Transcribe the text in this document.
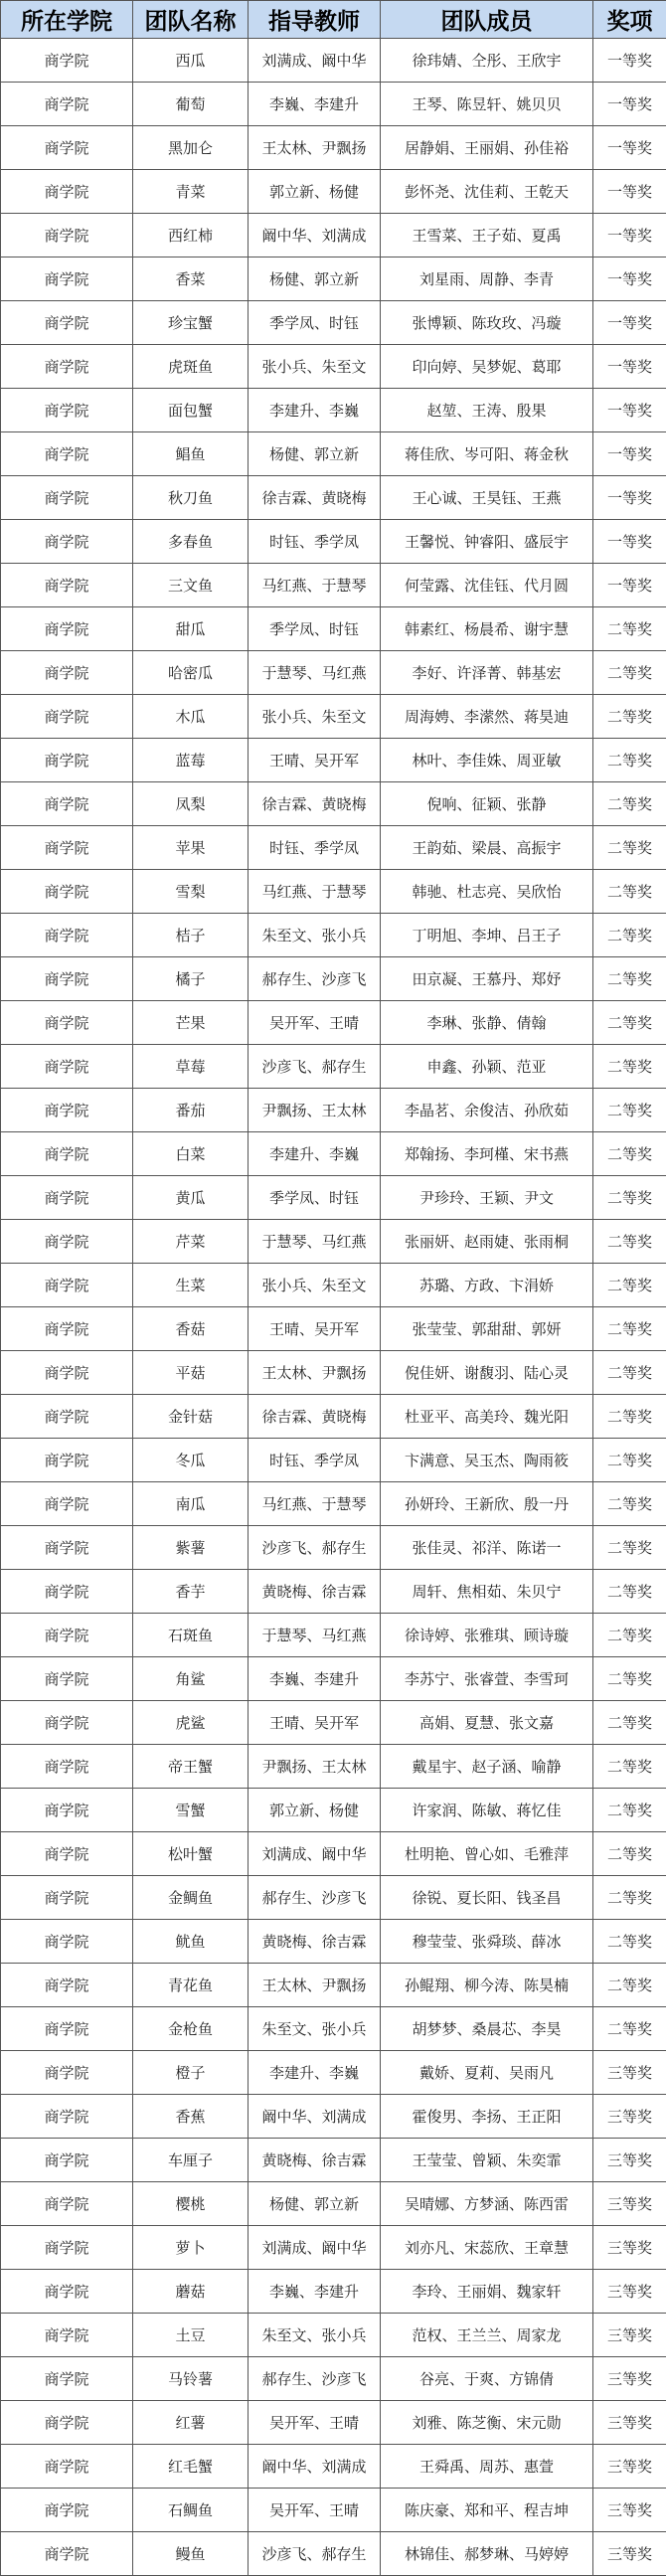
所在学院	团队名称	指导教师	团队成员	奖项
商学院	西瓜	刘满成、阚中华	徐玮婧、仝彤、王欣宇	一等奖
商学院	葡萄	李巍、李建升	王琴、陈昱轩、姚贝贝	一等奖
商学院	黑加仑	王太林、尹飘扬	居静娟、王丽娟、孙佳裕	一等奖
商学院	青菜	郭立新、杨健	彭怀尧、沈佳莉、王乾天	一等奖
商学院	西红柿	阚中华、刘满成	王雪菜、王子茹、夏禹	一等奖
商学院	香菜	杨健、郭立新	刘星雨、周静、李青	一等奖
商学院	珍宝蟹	季学凤、时钰	张博颖、陈玫玫、冯璇	一等奖
商学院	虎斑鱼	张小兵、朱至文	印向婷、吴梦妮、葛耶	一等奖
商学院	面包蟹	李建升、李巍	赵堃、王涛、殷果	一等奖
商学院	鲳鱼	杨健、郭立新	蒋佳欣、岑可阳、蒋金秋	一等奖
商学院	秋刀鱼	徐吉霖、黄晓梅	王心诚、王昊钰、王燕	一等奖
商学院	多春鱼	时钰、季学凤	王馨悦、钟睿阳、盛辰宇	一等奖
商学院	三文鱼	马红燕、于慧琴	何莹露、沈佳钰、代月圆	一等奖
商学院	甜瓜	季学凤、时钰	韩素红、杨晨希、谢宇慧	二等奖
商学院	哈密瓜	于慧琴、马红燕	李好、许泽菁、韩基宏	二等奖
商学院	木瓜	张小兵、朱至文	周海娉、李潆然、蒋昊迪	二等奖
商学院	蓝莓	王晴、吴开军	林叶、李佳姝、周亚敏	二等奖
商学院	凤梨	徐吉霖、黄晓梅	倪响、征颖、张静	二等奖
商学院	苹果	时钰、季学凤	王韵茹、梁晨、高振宇	二等奖
商学院	雪梨	马红燕、于慧琴	韩驰、杜志亮、吴欣怡	二等奖
商学院	桔子	朱至文、张小兵	丁明旭、李坤、吕王子	二等奖
商学院	橘子	郝存生、沙彦飞	田京凝、王慕丹、郑妤	二等奖
商学院	芒果	吴开军、王晴	李琳、张静、倩翰	二等奖
商学院	草莓	沙彦飞、郝存生	申鑫、孙颖、范亚	二等奖
商学院	番茄	尹飘扬、王太林	李晶茗、余俊洁、孙欣茹	二等奖
商学院	白菜	李建升、李巍	郑翰扬、李珂槿、宋书燕	二等奖
商学院	黄瓜	季学凤、时钰	尹珍玲、王颖、尹文	二等奖
商学院	芹菜	于慧琴、马红燕	张丽妍、赵雨婕、张雨桐	二等奖
商学院	生菜	张小兵、朱至文	苏璐、方政、卞涓娇	二等奖
商学院	香菇	王晴、吴开军	张莹莹、郭甜甜、郭妍	二等奖
商学院	平菇	王太林、尹飘扬	倪佳妍、谢馥羽、陆心灵	二等奖
商学院	金针菇	徐吉霖、黄晓梅	杜亚平、高美玲、魏光阳	二等奖
商学院	冬瓜	时钰、季学凤	卞满意、吴玉杰、陶雨筱	二等奖
商学院	南瓜	马红燕、于慧琴	孙妍玲、王新欣、殷一丹	二等奖
商学院	紫薯	沙彦飞、郝存生	张佳灵、祁洋、陈诺一	二等奖
商学院	香芋	黄晓梅、徐吉霖	周轩、焦相茹、朱贝宁	二等奖
商学院	石斑鱼	于慧琴、马红燕	徐诗婷、张雅琪、顾诗璇	二等奖
商学院	角鲨	李巍、李建升	李苏宁、张睿萱、李雪珂	二等奖
商学院	虎鲨	王晴、吴开军	高娟、夏慧、张文嘉	二等奖
商学院	帝王蟹	尹飘扬、王太林	戴星宇、赵子涵、喻静	二等奖
商学院	雪蟹	郭立新、杨健	许家润、陈敏、蒋忆佳	二等奖
商学院	松叶蟹	刘满成、阚中华	杜明艳、曾心如、毛雅萍	二等奖
商学院	金鲷鱼	郝存生、沙彦飞	徐锐、夏长阳、钱圣昌	二等奖
商学院	鱿鱼	黄晓梅、徐吉霖	穆莹莹、张舜琰、薛冰	二等奖
商学院	青花鱼	王太林、尹飘扬	孙鲲翔、柳今涛、陈昊楠	二等奖
商学院	金枪鱼	朱至文、张小兵	胡梦梦、桑晨芯、李昊	二等奖
商学院	橙子	李建升、李巍	戴娇、夏莉、吴雨凡	三等奖
商学院	香蕉	阚中华、刘满成	霍俊男、李扬、王正阳	三等奖
商学院	车厘子	黄晓梅、徐吉霖	王莹莹、曾颖、朱奕霏	三等奖
商学院	樱桃	杨健、郭立新	吴晴娜、方梦涵、陈西雷	三等奖
商学院	萝卜	刘满成、阚中华	刘亦凡、宋蕊欣、王章慧	三等奖
商学院	蘑菇	李巍、李建升	李玲、王丽娟、魏家轩	三等奖
商学院	土豆	朱至文、张小兵	范权、王兰兰、周家龙	三等奖
商学院	马铃薯	郝存生、沙彦飞	谷亮、于爽、方锦倩	三等奖
商学院	红薯	吴开军、王晴	刘雅、陈芝衡、宋元勋	三等奖
商学院	红毛蟹	阚中华、刘满成	王舜禹、周苏、惠萱	三等奖
商学院	石鲷鱼	吴开军、王晴	陈庆豪、郑和平、程吉坤	三等奖
商学院	鳗鱼	沙彦飞、郝存生	林锦佳、郝梦琳、马婷婷	三等奖
